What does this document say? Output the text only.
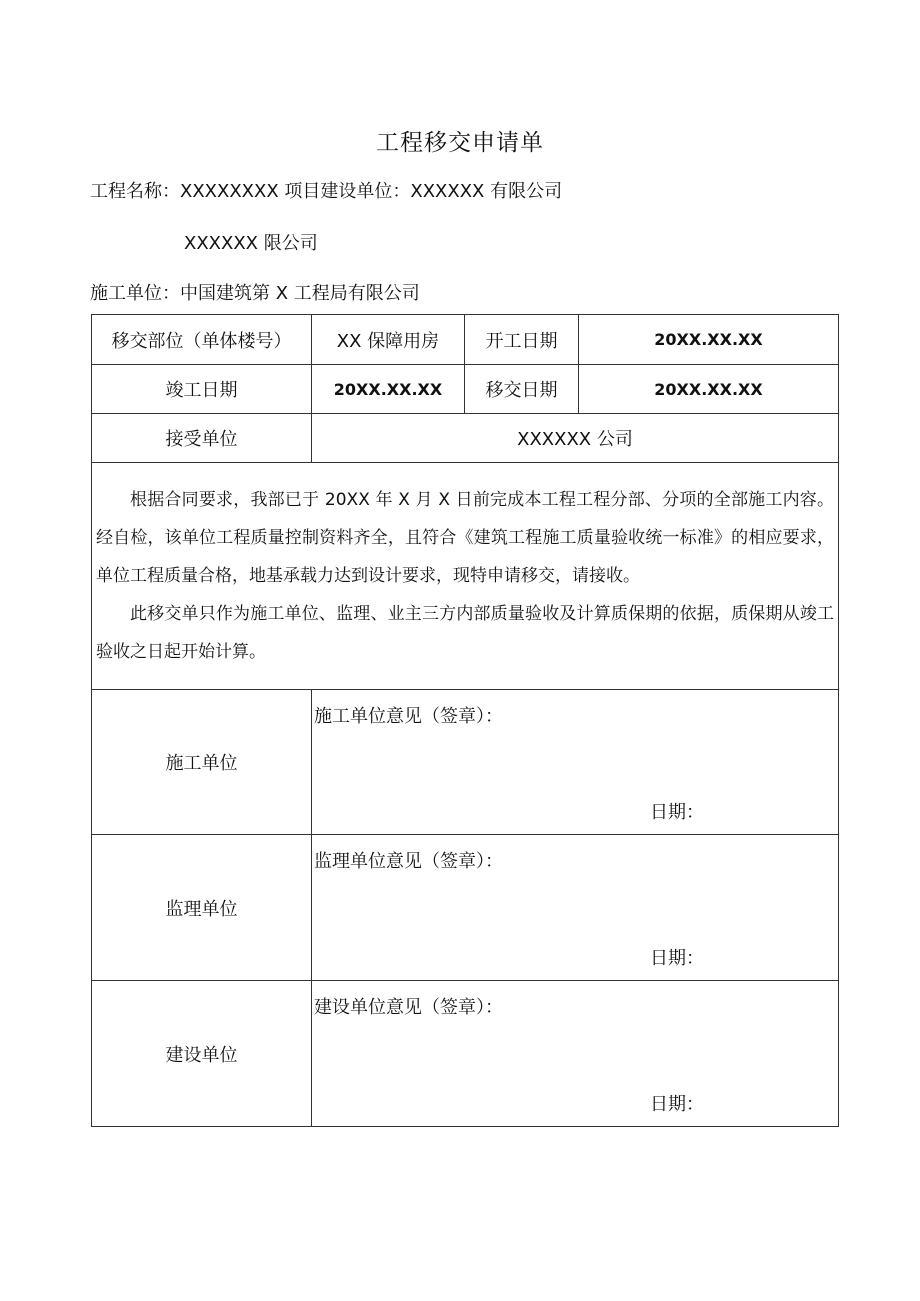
工程移交申请单
工程名称：XXXXXXXX 项目建设单位：XXXXXX 有限公司
XXXXXX 限公司
施工单位：中国建筑第 X 工程局有限公司
移交部位（单体楼号）	XX 保障用房	开工日期	20XX.XX.XX
竣工日期	20XX.XX.XX	移交日期	20XX.XX.XX
接受单位	XXXXXX 公司		

根据合同要求，我部已于 20XX 年 X 月 X 日前完成本工程工程分部、分项的全部施工内容。经自检，该单位工程质量控制资料齐全，且符合《建筑工程施工质量验收统一标准》的相应要求，单位工程质量合格，地基承载力达到设计要求，现特申请移交，请接收。

此移交单只作为施工单位、监理、业主三方内部质量验收及计算质保期的依据，质保期从竣工验收之日起开始计算。			

施工单位	施工单位意见（签章）：
日期：		

监理单位	监理单位意见（签章）：
日期：		

建设单位	建设单位意见（签章）：
日期：		
